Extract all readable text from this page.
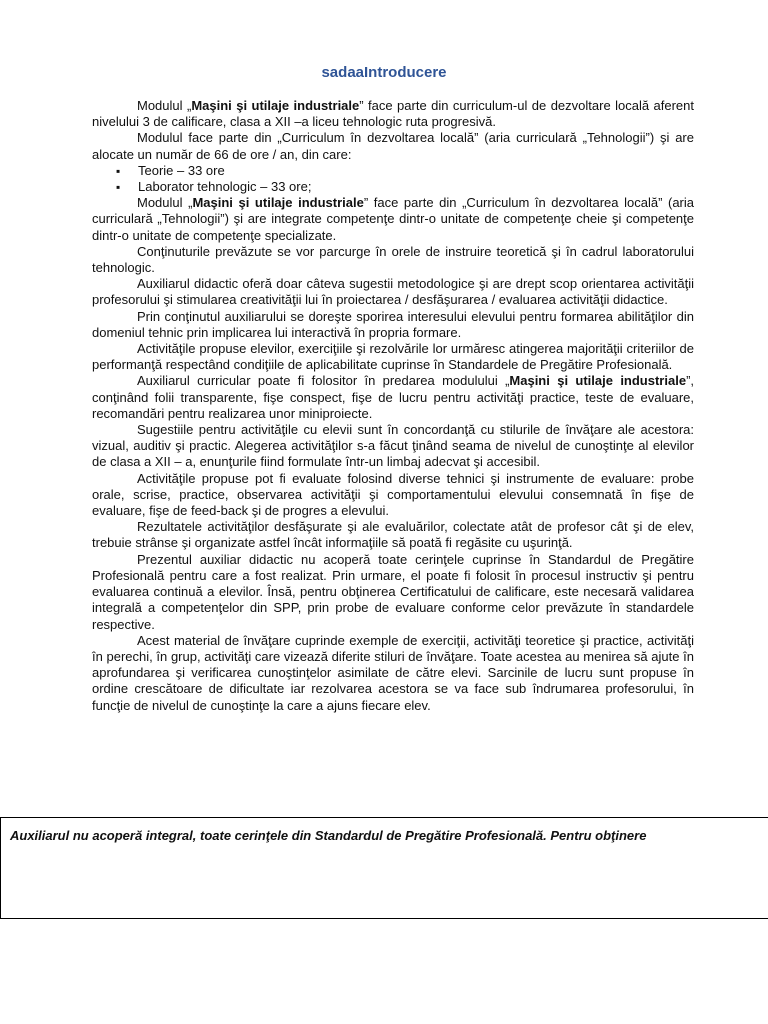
sadaaIntroducere

Modulul „Maşini şi utilaje industriale” face parte din curriculum-ul de dezvoltare locală aferent nivelului 3 de calificare, clasa a XII –a liceu tehnologic ruta progresivă.

Modulul face parte din „Curriculum în dezvoltarea locală” (aria curriculară „Tehnologii”) şi are alocate un număr de 66 de ore / an, din care:

▪ Teorie – 33 ore
▪ Laborator tehnologic – 33 ore;

Modulul „Maşini şi utilaje industriale” face parte din „Curriculum în dezvoltarea locală” (aria curriculară „Tehnologii”) şi are integrate competenţe dintr-o unitate de competenţe cheie şi competenţe dintr-o unitate de competenţe specializate.

Conţinuturile prevăzute se vor parcurge în orele de instruire teoretică şi în cadrul laboratorului tehnologic.

Auxiliarul didactic oferă doar câteva sugestii metodologice şi are drept scop orientarea activităţii profesorului şi stimularea creativităţii lui în proiectarea / desfăşurarea / evaluarea activităţii didactice.

Prin conţinutul auxiliarului se doreşte sporirea interesului elevului pentru formarea abilităţilor din domeniul tehnic prin implicarea lui interactivă în propria formare.

Activităţile propuse elevilor, exerciţiile şi rezolvările lor urmăresc atingerea majorităţii criteriilor de performanţă respectând condiţiile de aplicabilitate cuprinse în Standardele de Pregătire Profesională.

Auxiliarul curricular poate fi folositor în predarea modulului „Maşini şi utilaje industriale”, conţinând folii transparente, fişe conspect, fişe de lucru pentru activităţi practice, teste de evaluare, recomandări pentru realizarea unor miniproiecte.

Sugestiile pentru activităţile cu elevii sunt în concordanţă cu stilurile de învăţare ale acestora: vizual, auditiv şi practic. Alegerea activităţilor s-a făcut ţinând seama de nivelul de cunoştinţe al elevilor de clasa a XII – a, enunţurile fiind formulate într-un limbaj adecvat şi accesibil.

Activităţile propuse pot fi evaluate folosind diverse tehnici şi instrumente de evaluare: probe orale, scrise, practice, observarea activităţii şi comportamentului elevului consemnată în fişe de evaluare, fişe de feed-back şi de progres a elevului.

Rezultatele activităţilor desfăşurate şi ale evaluărilor, colectate atât de profesor cât şi de elev, trebuie strânse şi organizate astfel încât informaţiile să poată fi regăsite cu uşurinţă.

Prezentul auxiliar didactic nu acoperă toate cerinţele cuprinse în Standardul de Pregătire Profesională pentru care a fost realizat. Prin urmare, el poate fi folosit în procesul instructiv şi pentru evaluarea continuă a elevilor. Însă, pentru obţinerea Certificatului de calificare, este necesară validarea integrală a competenţelor din SPP, prin probe de evaluare conforme celor prevăzute în standardele respective.

Acest material de învăţare cuprinde exemple de exerciţii, activităţi teoretice şi practice, activităţi în perechi, în grup, activităţi care vizează diferite stiluri de învăţare. Toate acestea au menirea să ajute în aprofundarea şi verificarea cunoştinţelor asimilate de către elevi. Sarcinile de lucru sunt propuse în ordine crescătoare de dificultate iar rezolvarea acestora se va face sub îndrumarea profesorului, în funcţie de nivelul de cunoştinţe la care a ajuns fiecare elev.

Auxiliarul nu acoperă integral, toate cerinţele din Standardul de Pregătire Profesională. Pentru obţinere
